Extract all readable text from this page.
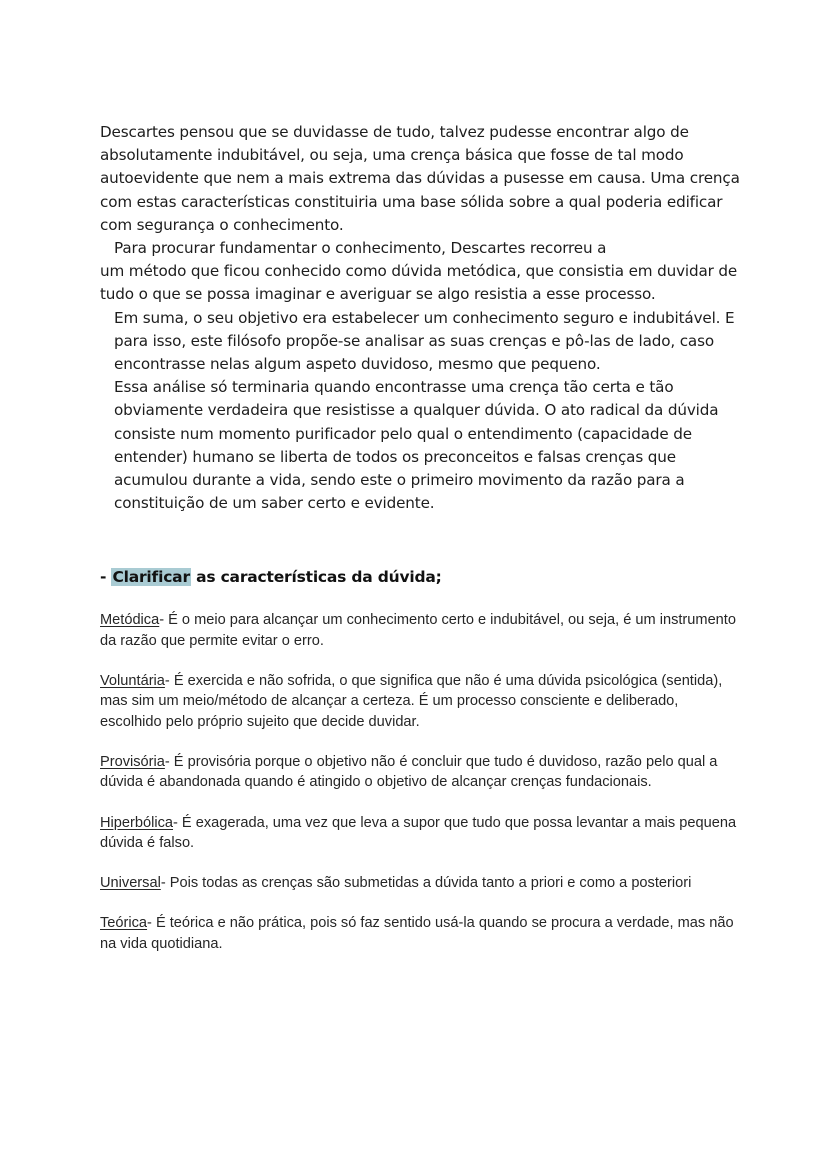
Descartes pensou que se duvidasse de tudo, talvez pudesse encontrar algo de absolutamente indubitável, ou seja, uma crença básica que fosse de tal modo autoevidente que nem a mais extrema das dúvidas a pusesse em causa. Uma crença com estas características constituiria uma base sólida sobre a qual poderia edificar com segurança o conhecimento.

Para procurar fundamentar o conhecimento, Descartes recorreu a

um método que ficou conhecido como dúvida metódica, que consistia em duvidar de tudo o que se possa imaginar e averiguar se algo resistia a esse processo.

Em suma, o seu objetivo era estabelecer um conhecimento seguro e indubitável. E para isso, este filósofo propõe-se analisar as suas crenças e pô-las de lado, caso encontrasse nelas algum aspeto duvidoso, mesmo que pequeno.

Essa análise só terminaria quando encontrasse uma crença tão certa e tão obviamente verdadeira que resistisse a qualquer dúvida. O ato radical da dúvida consiste num momento purificador pelo qual o entendimento (capacidade de entender) humano se liberta de todos os preconceitos e falsas crenças que acumulou durante a vida, sendo este o primeiro movimento da razão para a constituição de um saber certo e evidente.

- Clarificar as características da dúvida;

Metódica- É o meio para alcançar um conhecimento certo e indubitável, ou seja, é um instrumento da razão que permite evitar o erro.

Voluntária- É exercida e não sofrida, o que significa que não é uma dúvida psicológica (sentida), mas sim um meio/método de alcançar a certeza. É um processo consciente e deliberado, escolhido pelo próprio sujeito que decide duvidar.

Provisória- É provisória porque o objetivo não é concluir que tudo é duvidoso, razão pelo qual a dúvida é abandonada quando é atingido o objetivo de alcançar crenças fundacionais.

Hiperbólica- É exagerada, uma vez que leva a supor que tudo que possa levantar a mais pequena dúvida é falso.

Universal- Pois todas as crenças são submetidas a dúvida tanto a priori e como a posteriori

Teórica- É teórica e não prática, pois só faz sentido usá-la quando se procura a verdade, mas não na vida quotidiana.
